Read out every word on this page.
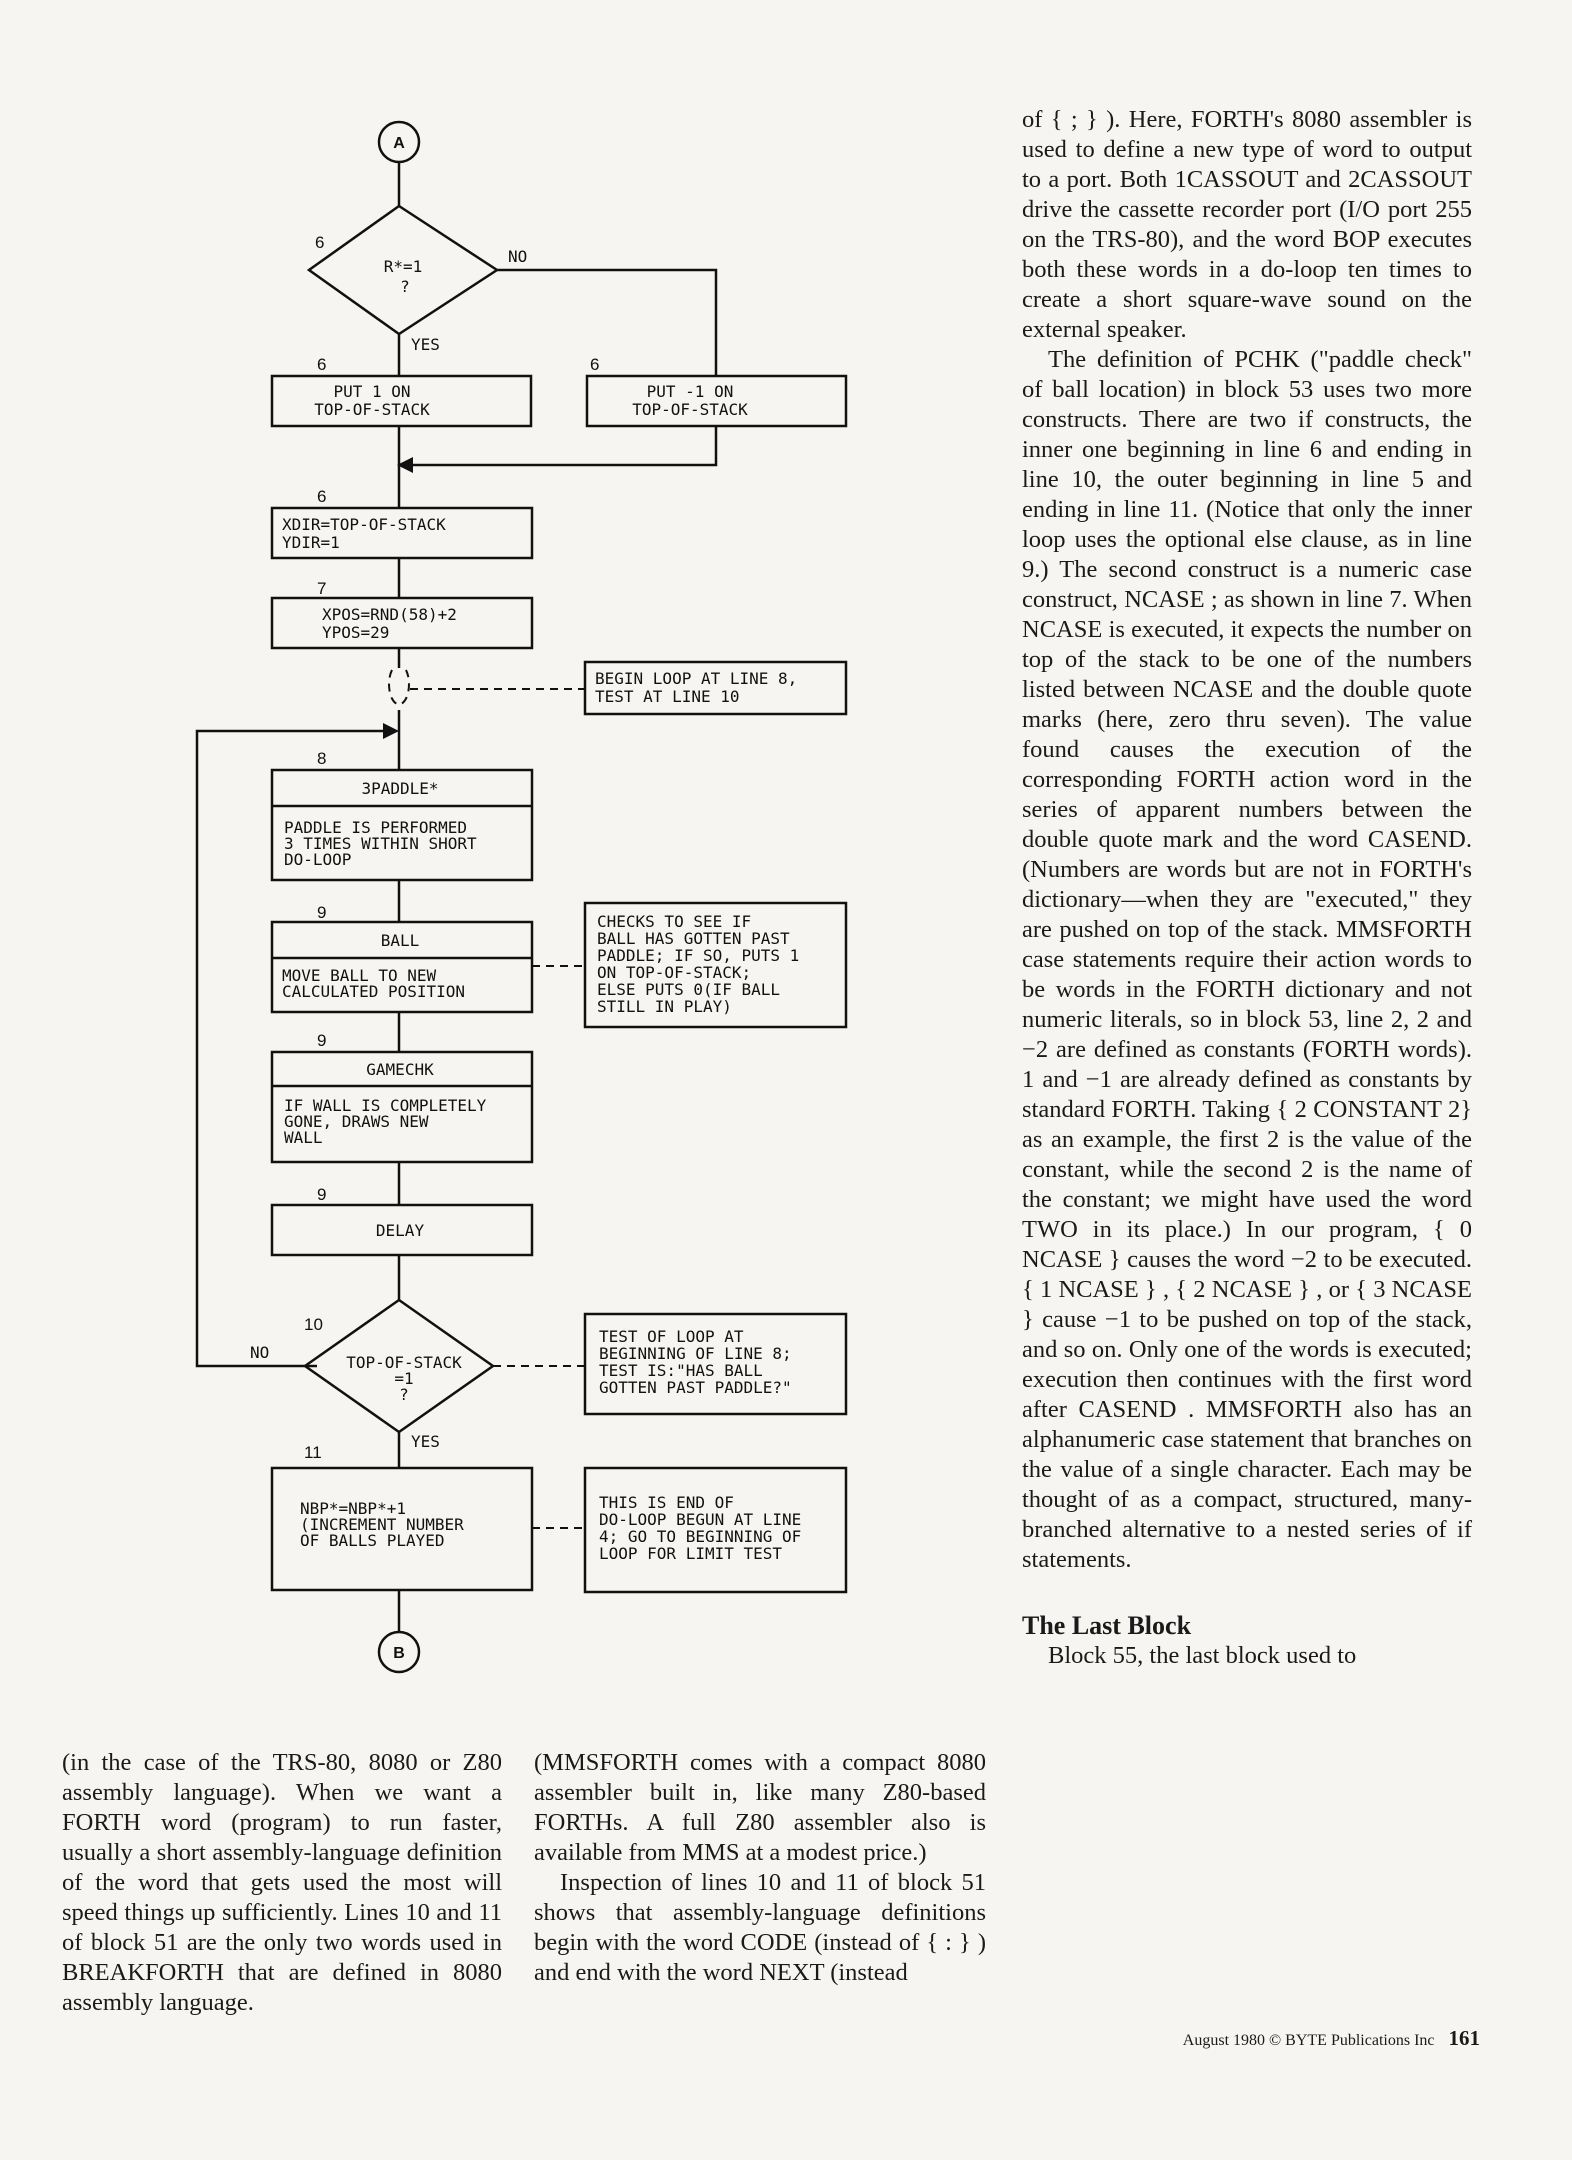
A
6
R*=1
?
NO
YES
6
PUT 1 ON
TOP-OF-STACK
6
PUT -1 ON
TOP-OF-STACK
6
XDIR=TOP-OF-STACK
YDIR=1
7
XPOS=RND(58)+2
YPOS=29
BEGIN LOOP AT LINE 8,
TEST AT LINE 10
8
3PADDLE*
PADDLE IS PERFORMED
3 TIMES WITHIN SHORT
DO-LOOP
9
BALL
MOVE BALL TO NEW
CALCULATED POSITION
CHECKS TO SEE IF
BALL HAS GOTTEN PAST
PADDLE; IF SO, PUTS 1
ON TOP-OF-STACK;
ELSE PUTS 0(IF BALL
STILL IN PLAY)
9
GAMECHK
IF WALL IS COMPLETELY
GONE, DRAWS NEW
WALL
9
DELAY
10
TOP-OF-STACK
=1
?
NO
TEST OF LOOP AT
BEGINNING OF LINE 8;
TEST IS:"HAS BALL
GOTTEN PAST PADDLE?"
YES
11
NBP*=NBP*+1
(INCREMENT NUMBER
OF BALLS PLAYED
THIS IS END OF
DO-LOOP BEGUN AT LINE
4; GO TO BEGINNING OF
LOOP FOR LIMIT TEST
B

(in the case of the TRS-80, 8080 or Z80 assembly language). When we want a FORTH word (program) to run faster, usually a short assembly-language definition of the word that gets used the most will speed things up sufficiently. Lines 10 and 11 of block 51 are the only two words used in BREAKFORTH that are defined in 8080 assembly language.

(MMSFORTH comes with a compact 8080 assembler built in, like many Z80-based FORTHs. A full Z80 assembler also is available from MMS at a modest price.)

Inspection of lines 10 and 11 of block 51 shows that assembly-language definitions begin with the word CODE (instead of { : } ) and end with the word NEXT (instead

of { ; } ). Here, FORTH's 8080 assembler is used to define a new type of word to output to a port. Both 1CASSOUT and 2CASSOUT drive the cassette recorder port (I/O port 255 on the TRS-80), and the word BOP executes both these words in a do-loop ten times to create a short square-wave sound on the external speaker.

The definition of PCHK ("paddle check" of ball location) in block 53 uses two more constructs. There are two if constructs, the inner one beginning in line 6 and ending in line 10, the outer beginning in line 5 and ending in line 11. (Notice that only the inner loop uses the optional else clause, as in line 9.) The second construct is a numeric case construct, NCASE ; as shown in line 7. When NCASE is executed, it expects the number on top of the stack to be one of the numbers listed between NCASE and the double quote marks (here, zero thru seven). The value found causes the execution of the corresponding FORTH action word in the series of apparent numbers between the double quote mark and the word CASEND. (Numbers are words but are not in FORTH's dictionary—when they are "executed," they are pushed on top of the stack. MMSFORTH case statements require their action words to be words in the FORTH dictionary and not numeric literals, so in block 53, line 2, 2 and −2 are defined as constants (FORTH words). 1 and −1 are already defined as constants by standard FORTH. Taking { 2 CONSTANT 2} as an example, the first 2 is the value of the constant, while the second 2 is the name of the constant; we might have used the word TWO in its place.) In our program, { 0 NCASE } causes the word −2 to be executed. { 1 NCASE } , { 2 NCASE } , or { 3 NCASE } cause −1 to be pushed on top of the stack, and so on. Only one of the words is executed; execution then continues with the first word after CASEND . MMSFORTH also has an alphanumeric case statement that branches on the value of a single character. Each may be thought of as a compact, structured, many-branched alternative to a nested series of if statements.

The Last Block

Block 55, the last block used to

August 1980 © BYTE Publications Inc 161
